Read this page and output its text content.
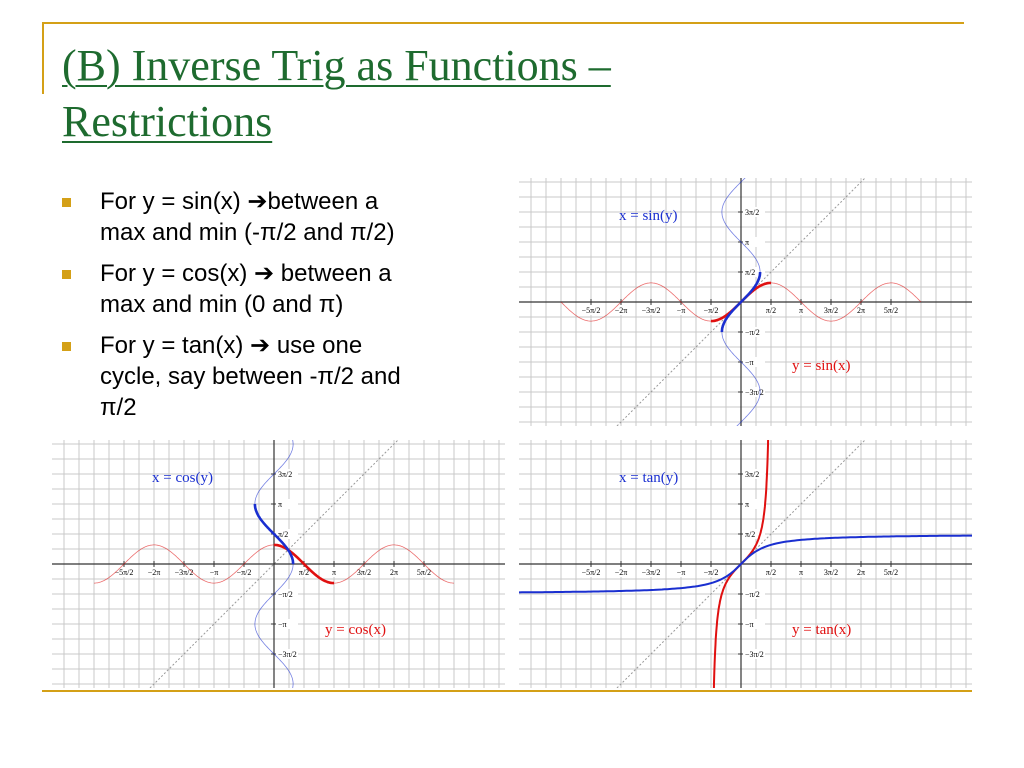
(B) Inverse Trig as Functions –
Restrictions
For y = sin(x) ➔between a
max and min (-π/2 and π/2)
For y = cos(x) ➔ between a
max and min (0 and π)
For y = tan(x) ➔ use one
cycle, say between -π/2 and
π/2
−5π/2 −2π −3π/2 −π −π/2	π/2	π	3π/2 2π 5π/2
3π/2
π
π/2
−π/2
−π
−3π/2
x = sin(y)
y = sin(x)
−5π/2 −2π −3π/2 −π −π/2	π/2	π	3π/2 2π 5π/2
3π/2
π
π/2
−π/2
−π
−3π/2
x = cos(y)
y = cos(x)
−5π/2 −2π −3π/2 −π −π/2	π/2	π	3π/2 2π 5π/2
3π/2
π
π/2
−π/2
−π
−3π/2
x = tan(y)
y = tan(x)
